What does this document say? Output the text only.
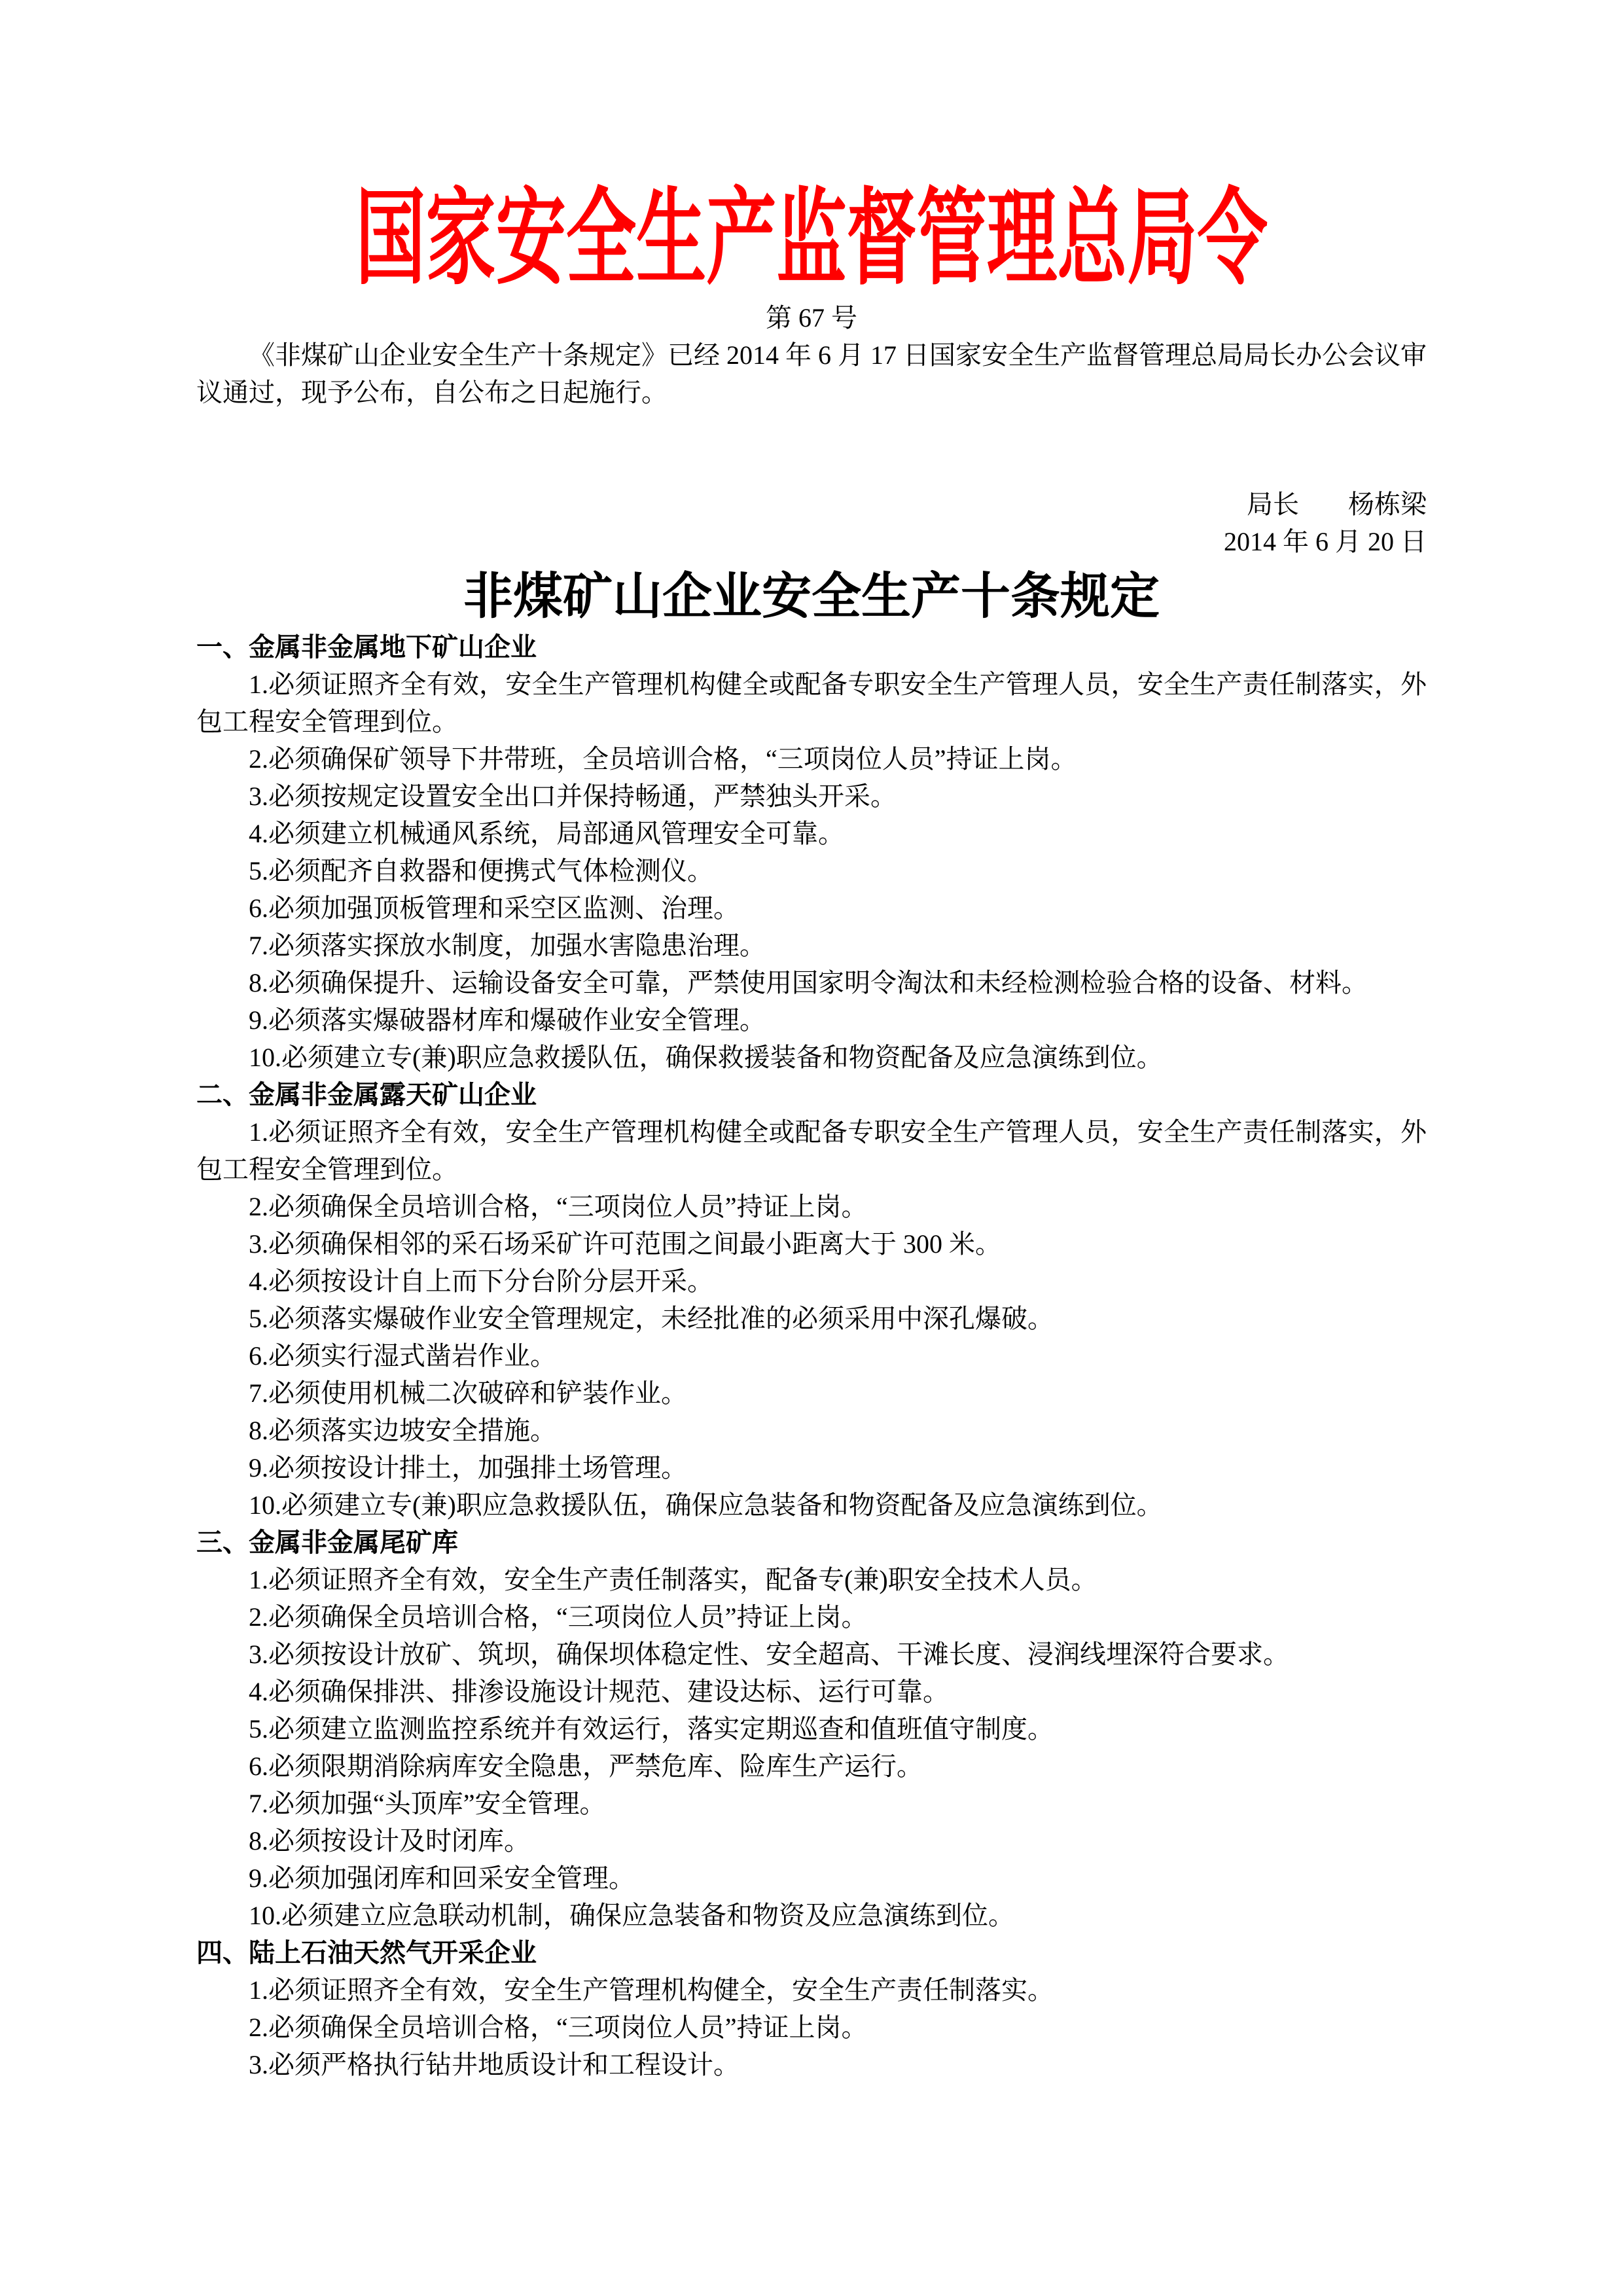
国家安全生产监督管理总局令

第 67 号

《非煤矿山企业安全生产十条规定》已经 2014 年 6 月 17 日国家安全生产监督管理总局局长办公会议审议通过，现予公布，自公布之日起施行。

局长 杨栋梁
2014 年 6 月 20 日
非煤矿山企业安全生产十条规定

一、金属非金属地下矿山企业

1.必须证照齐全有效，安全生产管理机构健全或配备专职安全生产管理人员，安全生产责任制落实，外包工程安全管理到位。

2.必须确保矿领导下井带班，全员培训合格，“三项岗位人员”持证上岗。

3.必须按规定设置安全出口并保持畅通，严禁独头开采。

4.必须建立机械通风系统，局部通风管理安全可靠。

5.必须配齐自救器和便携式气体检测仪。

6.必须加强顶板管理和采空区监测、治理。

7.必须落实探放水制度，加强水害隐患治理。

8.必须确保提升、运输设备安全可靠，严禁使用国家明令淘汰和未经检测检验合格的设备、材料。

9.必须落实爆破器材库和爆破作业安全管理。

10.必须建立专(兼)职应急救援队伍，确保救援装备和物资配备及应急演练到位。

二、金属非金属露天矿山企业

1.必须证照齐全有效，安全生产管理机构健全或配备专职安全生产管理人员，安全生产责任制落实，外包工程安全管理到位。

2.必须确保全员培训合格，“三项岗位人员”持证上岗。

3.必须确保相邻的采石场采矿许可范围之间最小距离大于 300 米。

4.必须按设计自上而下分台阶分层开采。

5.必须落实爆破作业安全管理规定，未经批准的必须采用中深孔爆破。

6.必须实行湿式凿岩作业。

7.必须使用机械二次破碎和铲装作业。

8.必须落实边坡安全措施。

9.必须按设计排土，加强排土场管理。

10.必须建立专(兼)职应急救援队伍，确保应急装备和物资配备及应急演练到位。

三、金属非金属尾矿库

1.必须证照齐全有效，安全生产责任制落实，配备专(兼)职安全技术人员。

2.必须确保全员培训合格，“三项岗位人员”持证上岗。

3.必须按设计放矿、筑坝，确保坝体稳定性、安全超高、干滩长度、浸润线埋深符合要求。

4.必须确保排洪、排渗设施设计规范、建设达标、运行可靠。

5.必须建立监测监控系统并有效运行，落实定期巡查和值班值守制度。

6.必须限期消除病库安全隐患，严禁危库、险库生产运行。

7.必须加强“头顶库”安全管理。

8.必须按设计及时闭库。

9.必须加强闭库和回采安全管理。

10.必须建立应急联动机制，确保应急装备和物资及应急演练到位。

四、陆上石油天然气开采企业

1.必须证照齐全有效，安全生产管理机构健全，安全生产责任制落实。

2.必须确保全员培训合格，“三项岗位人员”持证上岗。

3.必须严格执行钻井地质设计和工程设计。
